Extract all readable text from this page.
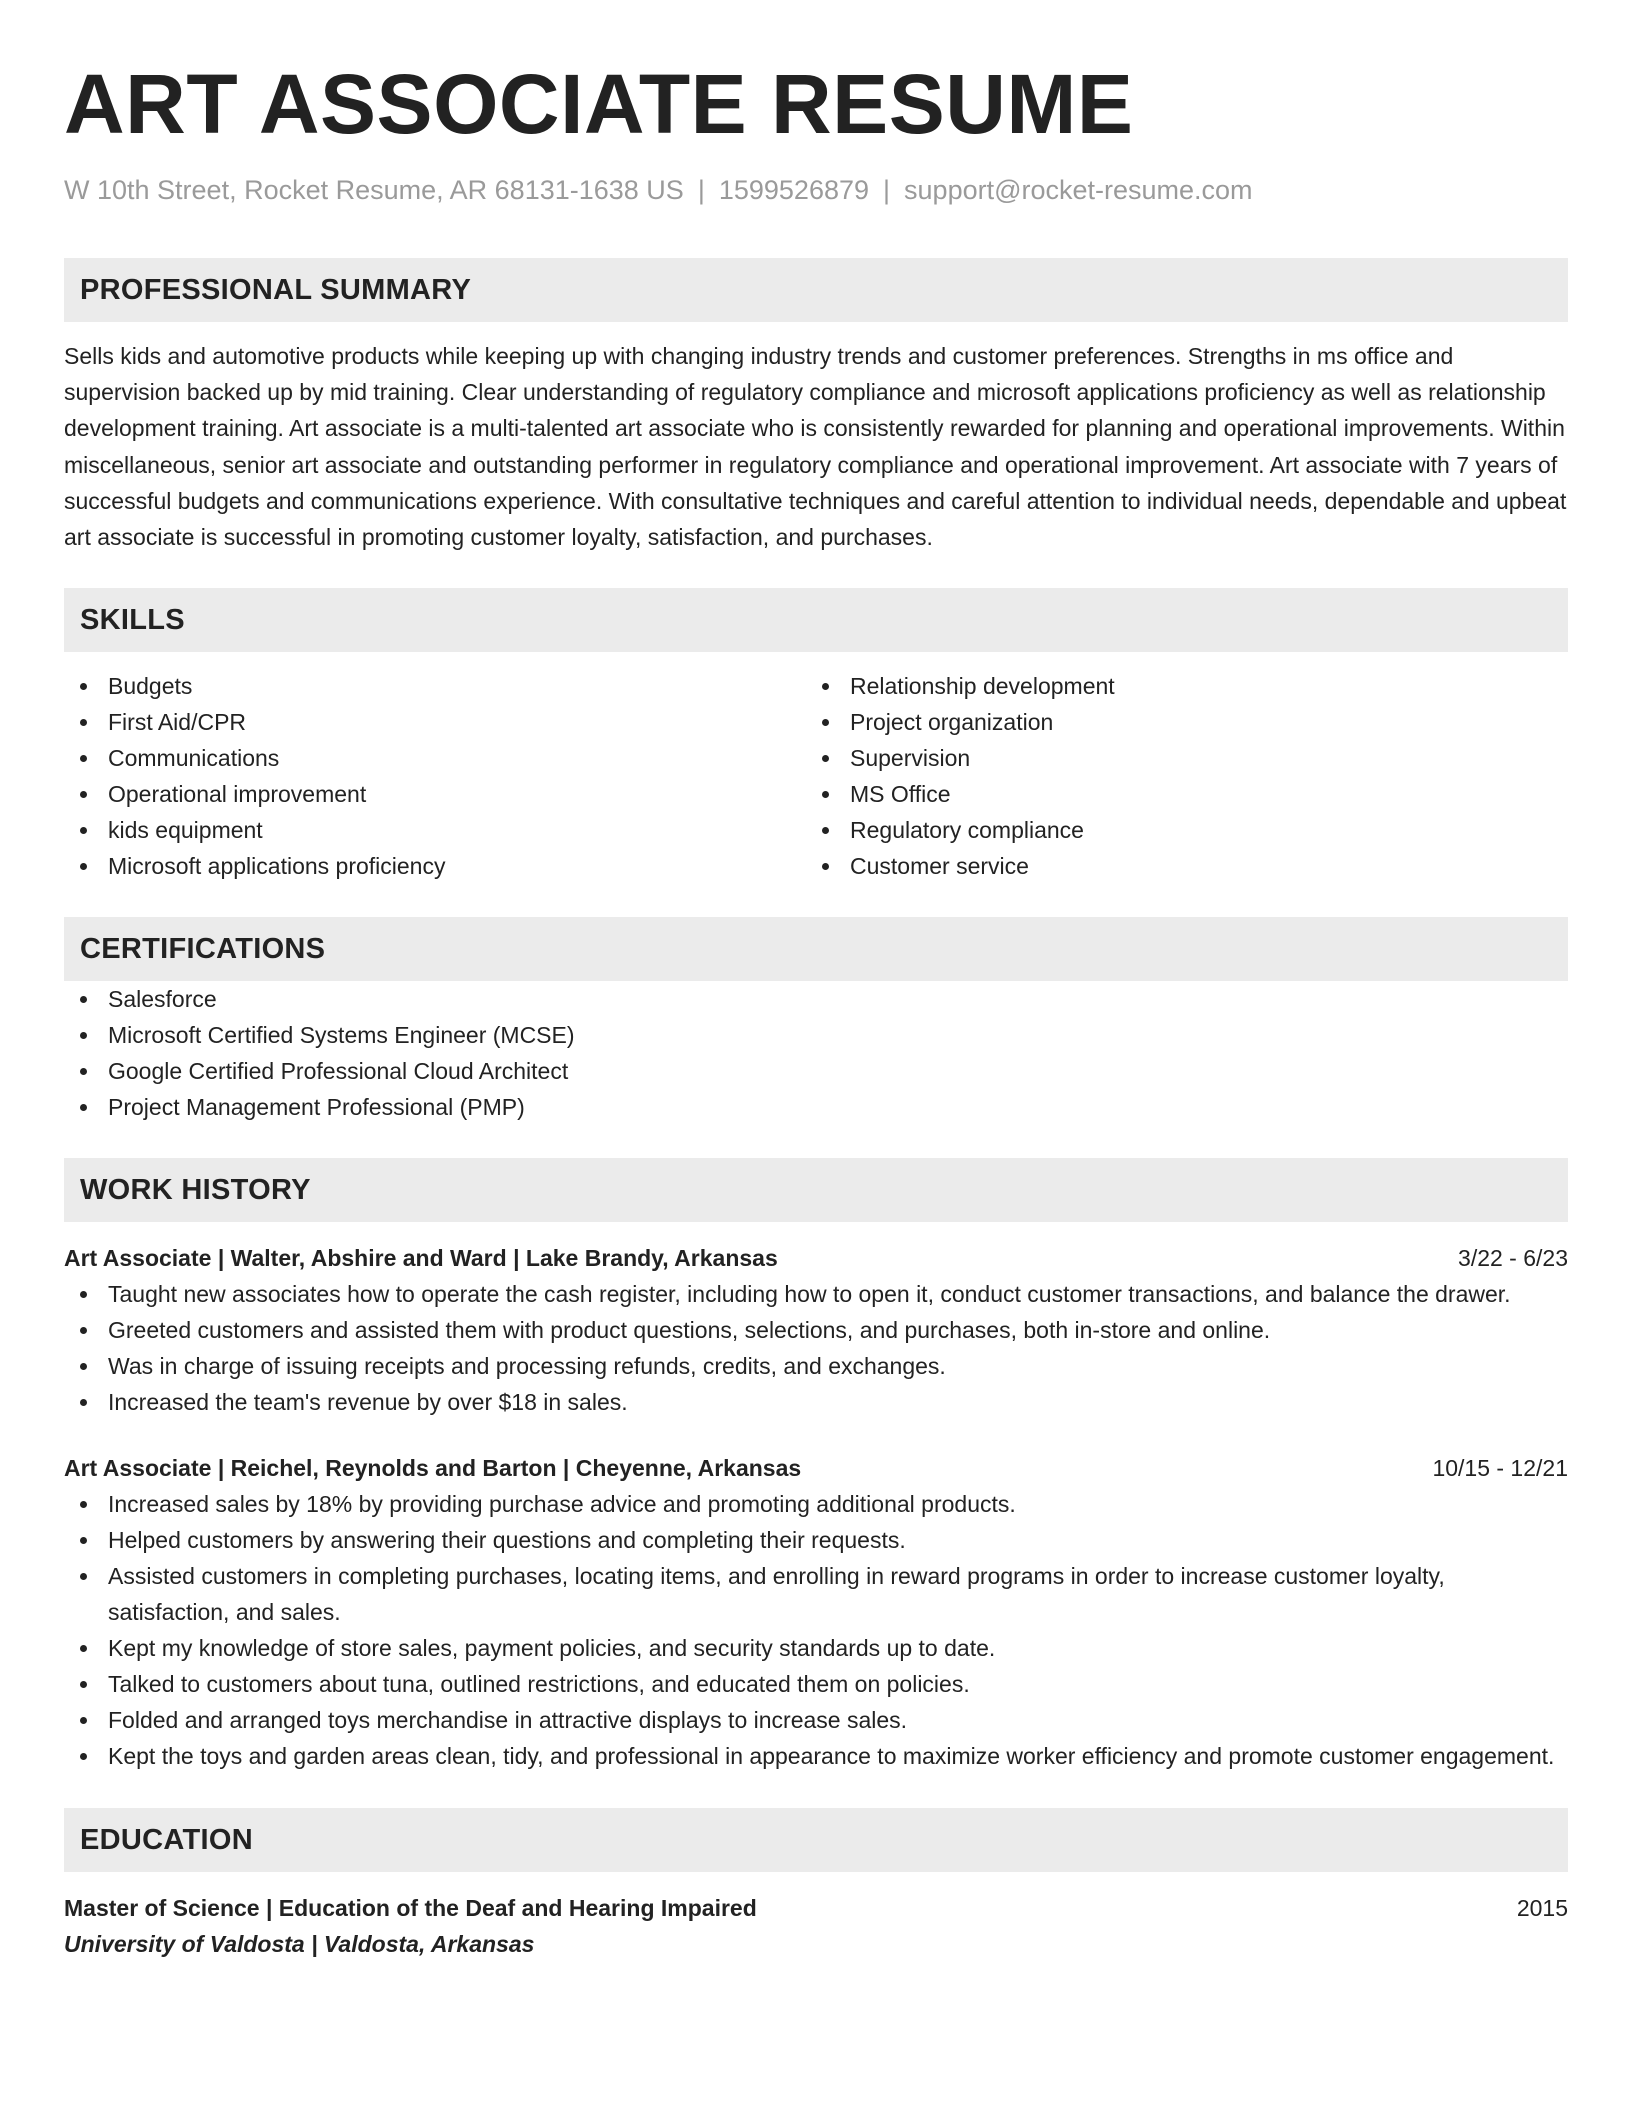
ART ASSOCIATE RESUME
W 10th Street, Rocket Resume, AR 68131-1638 US | 1599526879 | support@rocket-resume.com
PROFESSIONAL SUMMARY
Sells kids and automotive products while keeping up with changing industry trends and customer preferences. Strengths in ms office and supervision backed up by mid training. Clear understanding of regulatory compliance and microsoft applications proficiency as well as relationship development training. Art associate is a multi-talented art associate who is consistently rewarded for planning and operational improvements. Within miscellaneous, senior art associate and outstanding performer in regulatory compliance and operational improvement. Art associate with 7 years of successful budgets and communications experience. With consultative techniques and careful attention to individual needs, dependable and upbeat art associate is successful in promoting customer loyalty, satisfaction, and purchases.
SKILLS
Budgets
First Aid/CPR
Communications
Operational improvement
kids equipment
Microsoft applications proficiency
Relationship development
Project organization
Supervision
MS Office
Regulatory compliance
Customer service
CERTIFICATIONS
Salesforce
Microsoft Certified Systems Engineer (MCSE)
Google Certified Professional Cloud Architect
Project Management Professional (PMP)
WORK HISTORY
Art Associate | Walter, Abshire and Ward | Lake Brandy, Arkansas	3/22 - 6/23
Taught new associates how to operate the cash register, including how to open it, conduct customer transactions, and balance the drawer.
Greeted customers and assisted them with product questions, selections, and purchases, both in-store and online.
Was in charge of issuing receipts and processing refunds, credits, and exchanges.
Increased the team's revenue by over $18 in sales.
Art Associate | Reichel, Reynolds and Barton | Cheyenne, Arkansas	10/15 - 12/21
Increased sales by 18% by providing purchase advice and promoting additional products.
Helped customers by answering their questions and completing their requests.
Assisted customers in completing purchases, locating items, and enrolling in reward programs in order to increase customer loyalty, satisfaction, and sales.
Kept my knowledge of store sales, payment policies, and security standards up to date.
Talked to customers about tuna, outlined restrictions, and educated them on policies.
Folded and arranged toys merchandise in attractive displays to increase sales.
Kept the toys and garden areas clean, tidy, and professional in appearance to maximize worker efficiency and promote customer engagement.
EDUCATION
Master of Science | Education of the Deaf and Hearing Impaired	2015
University of Valdosta | Valdosta, Arkansas
